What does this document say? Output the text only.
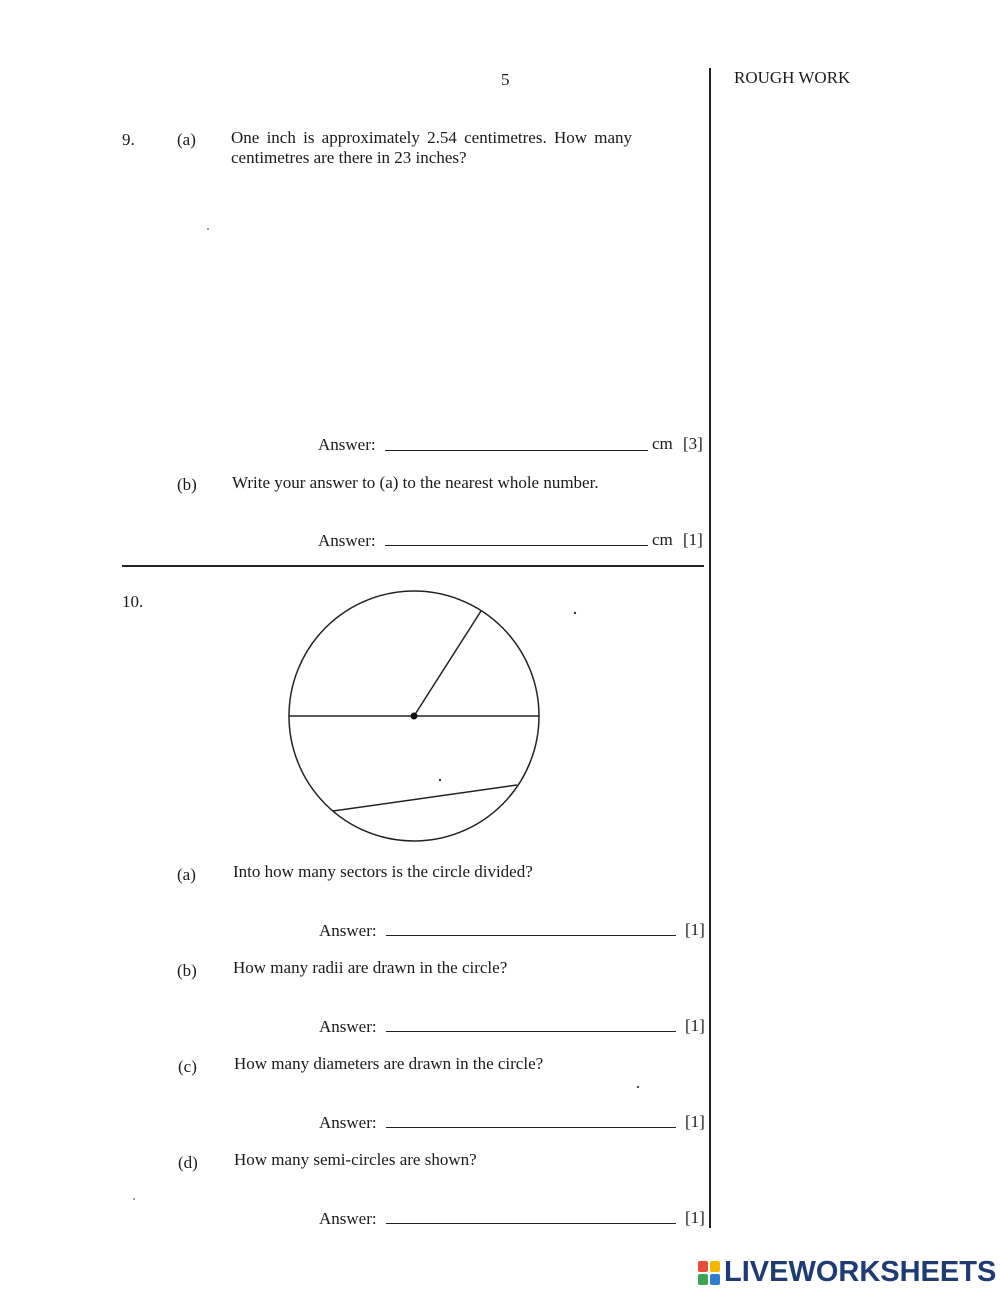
5	ROUGH WORK
9. (a) One inch is approximately 2.54 centimetres. How many
centimetres are there in 23 inches?
Answer:	cm [3]
(b) Write your answer to (a) to the nearest whole number.
Answer:	cm [1]
10.
(a) Into how many sectors is the circle divided?
Answer:	[1]
(b) How many radii are drawn in the circle?
Answer:	[1]
(c) How many diameters are drawn in the circle?
Answer:	[1]
(d) How many semi-circles are shown?
Answer:	[1]
LIVEWORKSHEETS
